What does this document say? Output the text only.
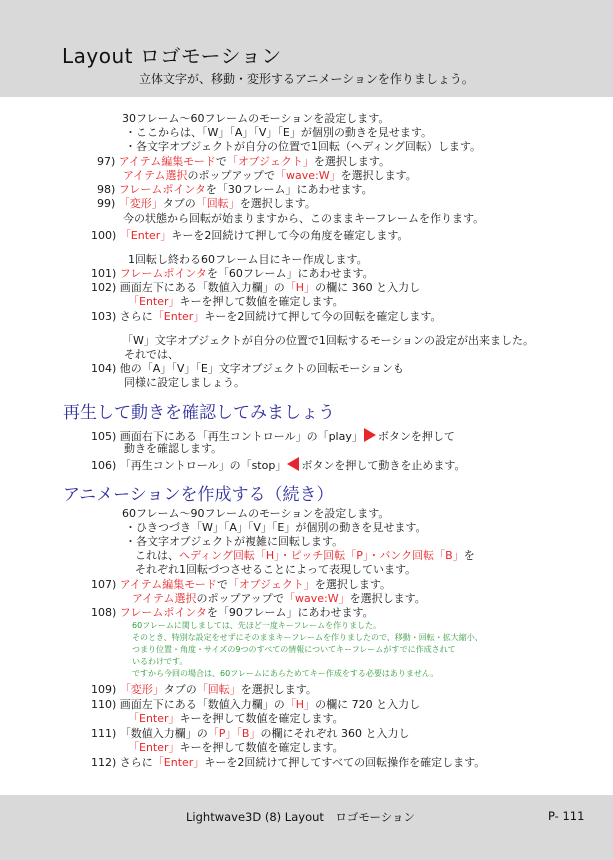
Layout ロゴモーション
立体文字が、移動・変形するアニメーションを作りましょう。
30フレーム〜60フレームのモーションを設定します。
・ここからは、「W」「A」「V」「E」が個別の動きを見せます。
・各文字オブジェクトが自分の位置で1回転（ヘディング回転）します。
97) アイテム編集モードで「オブジェクト」を選択します。
アイテム選択のポップアップで「wave:W」を選択します。
98) フレームポインタを「30フレーム」にあわせます。
99) 「変形」タブの「回転」を選択します。
今の状態から回転が始まりますから、このままキーフレームを作ります。
100) 「Enter」キーを2回続けて押して今の角度を確定します。
1回転し終わる60フレーム目にキー作成します。
101) フレームポインタを「60フレーム」にあわせます。
102) 画面左下にある「数値入力欄」の「H」の欄に 360 と入力し
「Enter」キーを押して数値を確定します。
103) さらに「Enter」キーを2回続けて押して今の回転を確定します。
「W」文字オブジェクトが自分の位置で1回転するモーションの設定が出来ました。
それでは、
104) 他の「A」「V」「E」文字オブジェクトの回転モーションも
同様に設定しましょう。
再生して動きを確認してみましょう
105) 画面右下にある「再生コントロール」の「play」 ボタンを押して
動きを確認します。
106) 「再生コントロール」の「stop」 ボタンを押して動きを止めます。
アニメーションを作成する（続き）
60フレーム〜90フレームのモーションを設定します。
・ひきつづき「W」「A」「V」「E」が個別の動きを見せます。
・各文字オブジェクトが複雑に回転します。
これは、ヘディング回転「H」・ピッチ回転「P」・バンク回転「B」を
それぞれ1回転づつさせることによって表現しています。
107) アイテム編集モードで「オブジェクト」を選択します。
アイテム選択のポップアップで「wave:W」を選択します。
108) フレームポインタを「90フレーム」にあわせます。
60フレームに関しましては、先ほど一度キーフレームを作りました。
そのとき、特別な設定をせずにそのままキーフレームを作りましたので、移動・回転・拡大縮小、
つまり位置・角度・サイズの9つのすべての情報についてキーフレームがすでに作成されて
いるわけです。
ですから今回の場合は、60フレームにあらためてキー作成をする必要はありません。
109) 「変形」タブの「回転」を選択します。
110) 画面左下にある「数値入力欄」の「H」の欄に 720 と入力し
「Enter」キーを押して数値を確定します。
111) 「数値入力欄」の「P」「B」の欄にそれぞれ 360 と入力し
「Enter」キーを押して数値を確定します。
112) さらに「Enter」キーを2回続けて押してすべての回転操作を確定します。
Lightwave3D (8) Layout　ロゴモーション	P- 111
